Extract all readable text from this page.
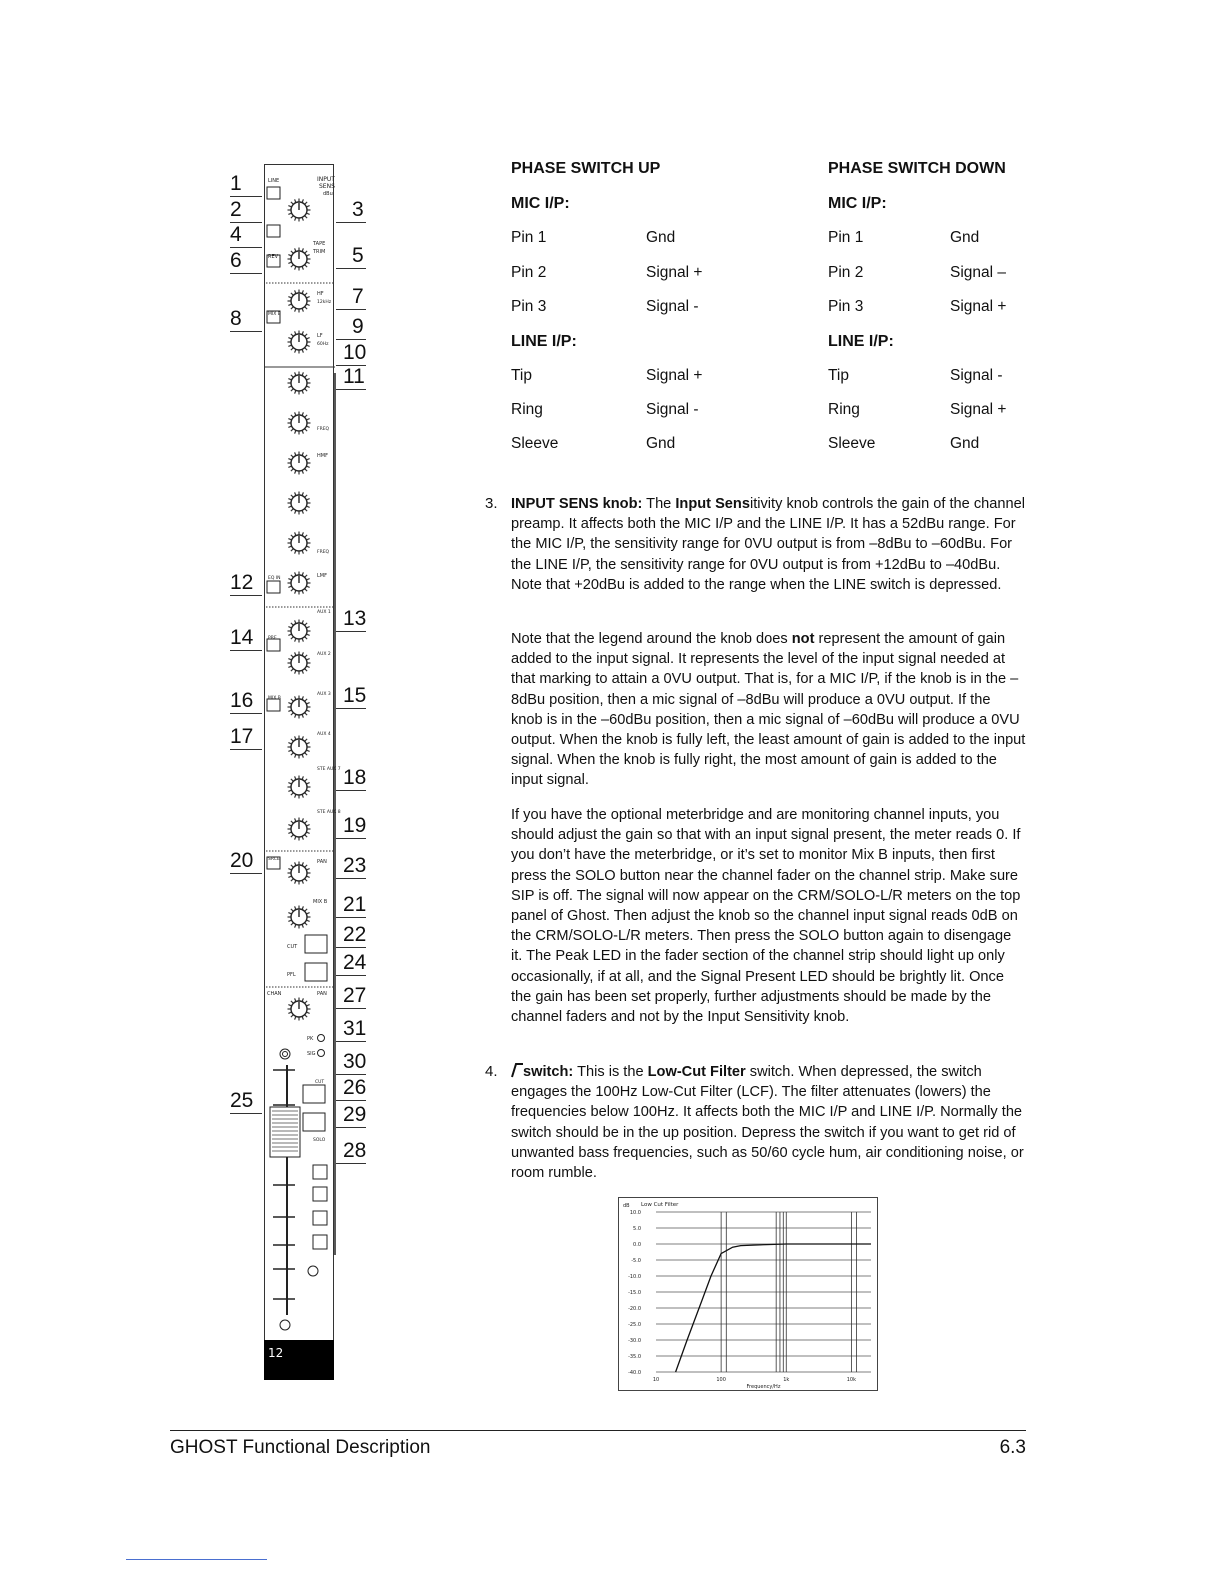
LINE	INPUT
SENS
dBu
REV
TAPE
TRIM
HF
12kHz
MIX B
LF
60Hz
FREQ
HMF
FREQ
LMF
EQ IN
AUX 1
PRE
AUX 2
MIX B
AUX 3
AUX 4
STE AUX 7
STE AUX 8
SRCE	PAN
MIX B
CUT
PFL
CHAN	PAN
PK
SIG
CUT
SOLO
12
1
2
4
6
8
12
14
16
17
20
25
3
5
7
9
10
11
13
15
18
19
23
21
22
24
27
31
30
26
29
28
PHASE SWITCH UP	PHASE SWITCH DOWN
MIC I/P:	MIC I/P:
Pin 1	Gnd	Pin 1	Gnd
Pin 2	Signal +	Pin 2	Signal –
Pin 3	Signal -	Pin 3	Signal +
LINE I/P:	LINE I/P:
Tip	Signal +	Tip	Signal -
Ring	Signal -	Ring	Signal +
Sleeve	Gnd	Sleeve	Gnd
3. INPUT SENS knob: The Input Sensitivity knob controls the gain of the channel preamp. It affects both the MIC I/P and the LINE I/P. It has a 52dBu range. For the MIC I/P, the sensitivity range for 0VU output is from –8dBu to –60dBu. For the LINE I/P, the sensitivity range for 0VU output is from +12dBu to –40dBu. Note that +20dBu is added to the range when the LINE switch is depressed.
Note that the legend around the knob does not represent the amount of gain added to the input signal. It represents the level of the input signal needed at that marking to attain a 0VU output. That is, for a MIC I/P, if the knob is in the –8dBu position, then a mic signal of –8dBu will produce a 0VU output. If the knob is in the –60dBu position, then a mic signal of –60dBu will produce a 0VU output. When the knob is fully left, the least amount of gain is added to the input signal. When the knob is fully right, the most amount of gain is added to the input signal.
If you have the optional meterbridge and are monitoring channel inputs, you should adjust the gain so that with an input signal present, the meter reads 0. If you don’t have the meterbridge, or it’s set to monitor Mix B inputs, then first press the SOLO button near the channel fader on the channel strip. Make sure SIP is off. The signal will now appear on the CRM/SOLO-L/R meters on the top panel of Ghost. Then adjust the knob so the channel input signal reads 0dB on the CRM/SOLO-L/R meters. Then press the SOLO button again to disengage it. The Peak LED in the fader section of the channel strip should light up only occasionally, if at all, and the Signal Present LED should be brightly lit. Once the gain has been set properly, further adjustments should be made by the channel faders and not by the Input Sensitivity knob.
4.	switch: This is the Low-Cut Filter switch. When depressed, the switch engages the 100Hz Low-Cut Filter (LCF). The filter attenuates (lowers) the frequencies below 100Hz. It affects both the MIC I/P and LINE I/P. Normally the switch should be in the up position. Depress the switch if you want to get rid of unwanted bass frequencies, such as 50/60 cycle hum, air conditioning noise, or room rumble.
dB Low Cut Filter
Frequency/Hz
10.0
5.0
0.0
-5.0
-10.0
-15.0
-20.0
-25.0
-30.0
-35.0
-40.0
10	100	1k	10k
GHOST Functional Description	6.3
